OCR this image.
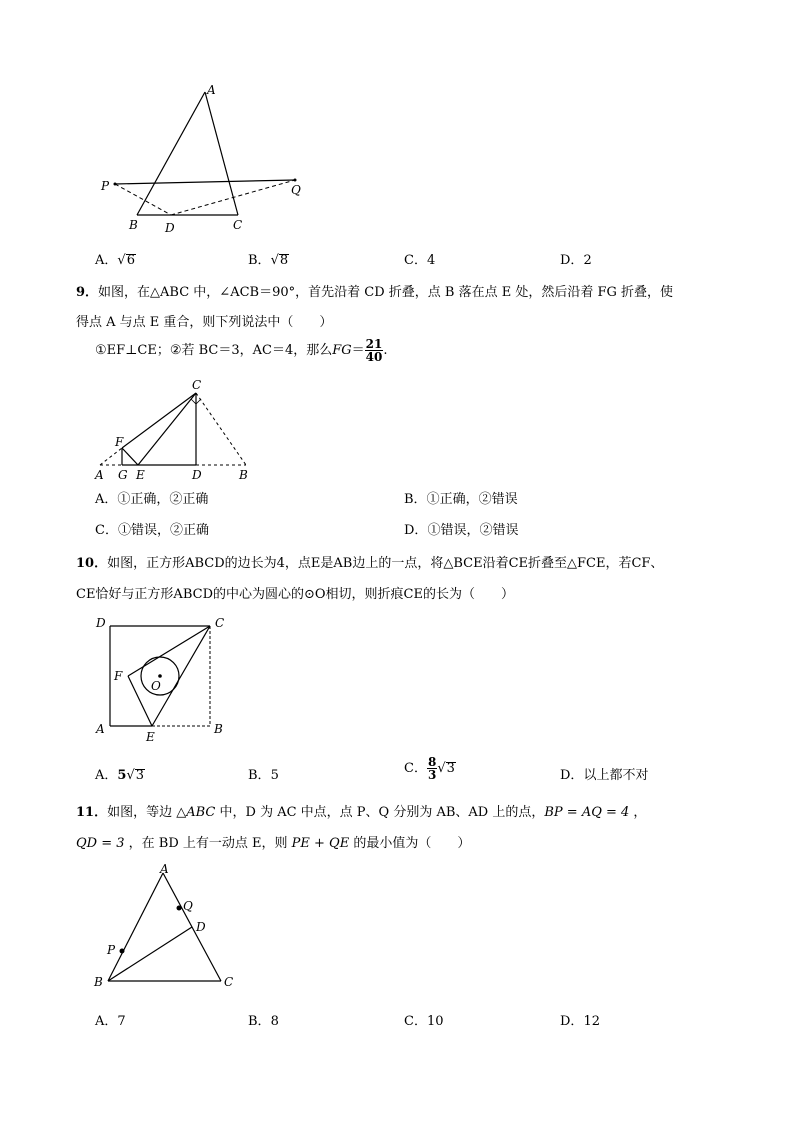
A
P	Q
B D	C
A．√6	B．√8	C．4	D．2
9．如图，在△ABC 中，∠ACB＝90°，首先沿着 CD 折叠，点 B 落在点 E 处，然后沿着 FG 折叠，使
得点 A 与点 E 重合，则下列说法中（　　）
①EF⊥CE；②若 BC＝3，AC＝4，那么$FG= \frac{21}{40}$ .
C
F
A G E	D	B
A．①正确，②正确	B．①正确，②错误
C．①错误，②正确	D．①错误，②错误
10．如图，正方形ABCD的边长为4，点E是AB边上的一点，将△BCE沿着CE折叠至△FCE，若CF、
CE恰好与正方形ABCD的中心为圆心的⊙O相切，则折痕CE的长为（　　）
D	C
F
O
A
E
B
A．5√3	B．5	C． $\frac{8}{3} √3$	D．以上都不对
11．如图，等边 △ABC 中，D 为 AC 中点，点 P、Q 分别为 AB、AD 上的点，BP = AQ = 4 ，
QD = 3 ，在 BD 上有一动点 E，则 PE + QE 的最小值为（　　）
A
Q
D
P
B	C
A．7	B．8	C．10	D．12
